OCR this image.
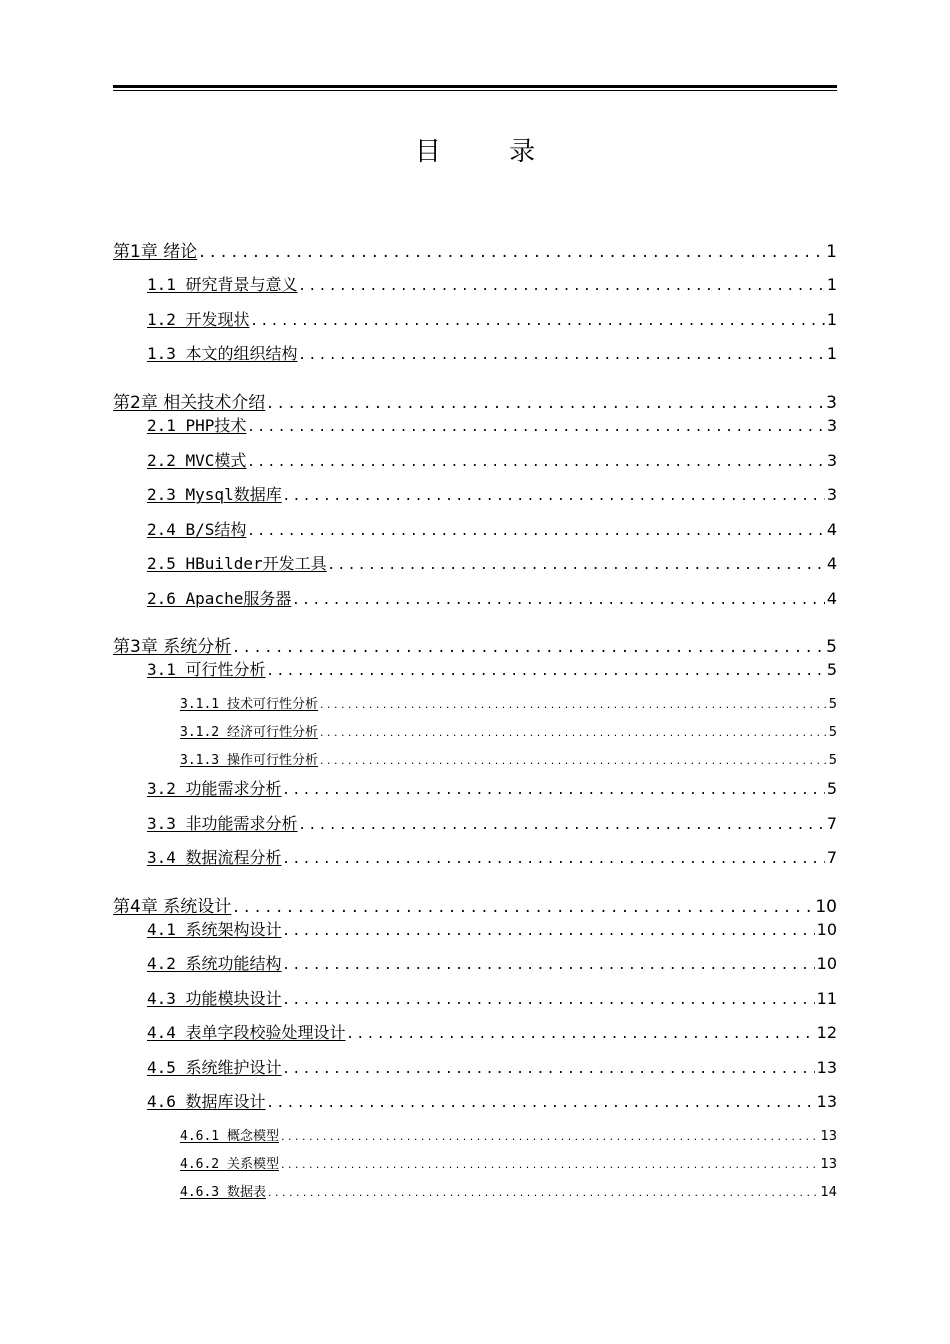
目 录
第1章 绪论 . . .	1
1.1 研究背景与意义 . . .	1
1.2 开发现状 . . .	1
1.3 本文的组织结构 . . .	1
第2章 相关技术介绍 . . .	3
2.1 PHP技术 . . .	3
2.2 MVC模式 . . .	3
2.3 Mysql数据库 . . .	3
2.4 B/S结构 . . .	4
2.5 HBuilder开发工具 . . .	4
2.6 Apache服务器 . . .	4
第3章 系统分析 . . .	5
3.1 可行性分析 . . .	5
3.1.1 技术可行性分析 . . .	5
3.1.2 经济可行性分析 . . .	5
3.1.3 操作可行性分析 . . .	5
3.2 功能需求分析 . . .	5
3.3 非功能需求分析 . . .	7
3.4 数据流程分析 . . .	7
第4章 系统设计 . . .	10
4.1 系统架构设计 . . .	10
4.2 系统功能结构 . . .	10
4.3 功能模块设计 . . .	11
4.4 表单字段校验处理设计 . . .	12
4.5 系统维护设计 . . .	13
4.6 数据库设计 . . .	13
4.6.1 概念模型 . . .	13
4.6.2 关系模型 . . .	13
4.6.3 数据表 . . .	14
